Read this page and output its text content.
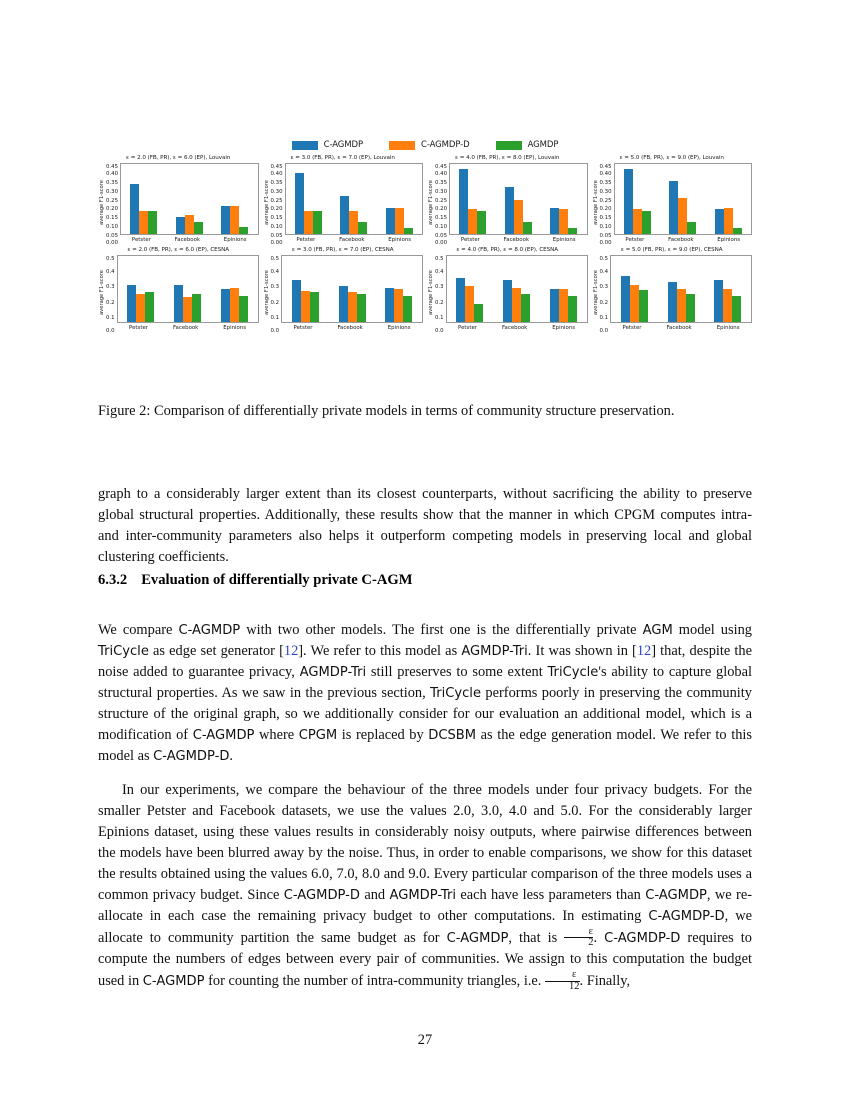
C-AGMDP	C-AGMDP-D	AGMDP
ε = 2.0 (FB, PR), ε = 6.0 (EP), Louvain
average F1-score
0.45
0.40
0.35
0.30
0.25
0.20
0.15
0.10
0.05
0.00	Petster	Facebook	Epinions
ε = 3.0 (FB, PR), ε = 7.0 (EP), Louvain
average F1-score
0.45
0.40
0.35
0.30
0.25
0.20
0.15
0.10
0.05
0.00	Petster	Facebook	Epinions
ε = 4.0 (FB, PR), ε = 8.0 (EP), Louvain
average F1-score
0.45
0.40
0.35
0.30
0.25
0.20
0.15
0.10
0.05
0.00	Petster	Facebook	Epinions
ε = 5.0 (FB, PR), ε = 9.0 (EP), Louvain
average F1-score
0.45
0.40
0.35
0.30
0.25
0.20
0.15
0.10
0.05
0.00	Petster	Facebook	Epinions
ε = 2.0 (FB, PR), ε = 6.0 (EP), CESNA
average F1-score
0.5
0.4
0.3
0.2
0.1
0.0	Petster	Facebook	Epinions
ε = 3.0 (FB, PR), ε = 7.0 (EP), CESNA
average F1-score
0.5
0.4
0.3
0.2
0.1
0.0	Petster	Facebook	Epinions
ε = 4.0 (FB, PR), ε = 8.0 (EP), CESNA
average F1-score
0.5
0.4
0.3
0.2
0.1
0.0	Petster	Facebook	Epinions
ε = 5.0 (FB, PR), ε = 9.0 (EP), CESNA
average F1-score
0.5
0.4
0.3
0.2
0.1
0.0	Petster	Facebook	Epinions
Figure 2: Comparison of differentially private models in terms of community structure preservation.

graph to a considerably larger extent than its closest counterparts, without sacrificing the ability to preserve global structural properties. Additionally, these results show that the manner in which CPGM computes intra- and inter-community parameters also helps it outperform competing models in preserving local and global clustering coefficients.

6.3.2 Evaluation of differentially private C-AGM

We compare C-AGMDP with two other models. The first one is the differentially private AGM model using TriCycle as edge set generator [12]. We refer to this model as AGMDP-Tri. It was shown in [12] that, despite the noise added to guarantee privacy, AGMDP-Tri still preserves to some extent TriCycle's ability to capture global structural properties. As we saw in the previous section, TriCycle performs poorly in preserving the community structure of the original graph, so we additionally consider for our evaluation an additional model, which is a modification of C-AGMDP where CPGM is replaced by DCSBM as the edge generation model. We refer to this model as C-AGMDP-D.

In our experiments, we compare the behaviour of the three models under four privacy budgets. For the smaller Petster and Facebook datasets, we use the values 2.0, 3.0, 4.0 and 5.0. For the considerably larger Epinions dataset, using these values results in considerably noisy outputs, where pairwise differences between the models have been blurred away by the noise. Thus, in order to enable comparisons, we show for this dataset the results obtained using the values 6.0, 7.0, 8.0 and 9.0. Every particular comparison of the three models uses a common privacy budget. Since C-AGMDP-D and AGMDP-Tri each have less parameters than C-AGMDP, we re-allocate in each case the remaining privacy budget to other computations. In estimating C-AGMDP-D, we allocate to community partition the same budget as for C-AGMDP, that is $\frac{\varepsilon}{2}$ . C-AGMDP-D requires to compute the numbers of edges between every pair of communities. We assign to this computation the budget used in C-AGMDP for counting the number of intra-community triangles, i.e. $\frac{\varepsilon}{12}$ . Finally,

27
